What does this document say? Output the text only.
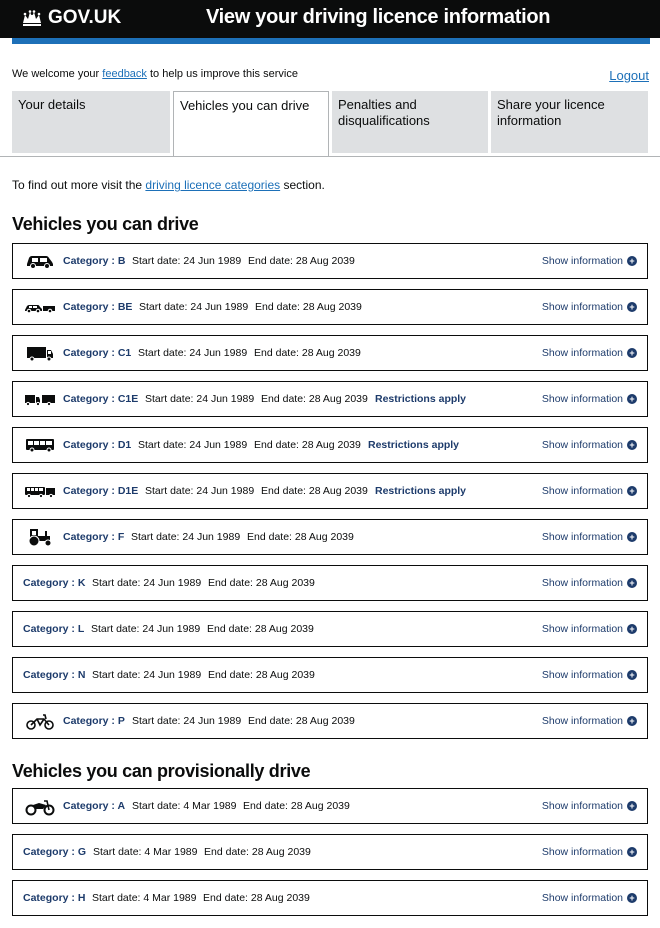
GOV.UK	View your driving licence information
We welcome your feedback to help us improve this service	Logout
Your details	Vehicles you can drive	Penalties and disqualifications
Share your licence information
To find out more visit the driving licence categories section.
Vehicles you can drive
Category : B Start date: 24 Jun 1989 End date: 28 Aug 2039	Show information +
Category : BE Start date: 24 Jun 1989 End date: 28 Aug 2039	Show information +
Category : C1 Start date: 24 Jun 1989 End date: 28 Aug 2039	Show information +
Category : C1E Start date: 24 Jun 1989 End date: 28 Aug 2039 Restrictions apply	Show information +
Category : D1 Start date: 24 Jun 1989 End date: 28 Aug 2039 Restrictions apply	Show information +
Category : D1E Start date: 24 Jun 1989 End date: 28 Aug 2039 Restrictions apply	Show information +
Category : F Start date: 24 Jun 1989 End date: 28 Aug 2039	Show information +
Category : K Start date: 24 Jun 1989 End date: 28 Aug 2039	Show information +
Category : L Start date: 24 Jun 1989 End date: 28 Aug 2039	Show information +
Category : N Start date: 24 Jun 1989 End date: 28 Aug 2039	Show information +
Category : P Start date: 24 Jun 1989 End date: 28 Aug 2039	Show information +
Category : A Start date: 4 Mar 1989 End date: 28 Aug 2039	Show information +
Category : G Start date: 4 Mar 1989 End date: 28 Aug 2039	Show information +
Category : H Start date: 4 Mar 1989 End date: 28 Aug 2039	Show information +
Vehicles you can provisionally drive
